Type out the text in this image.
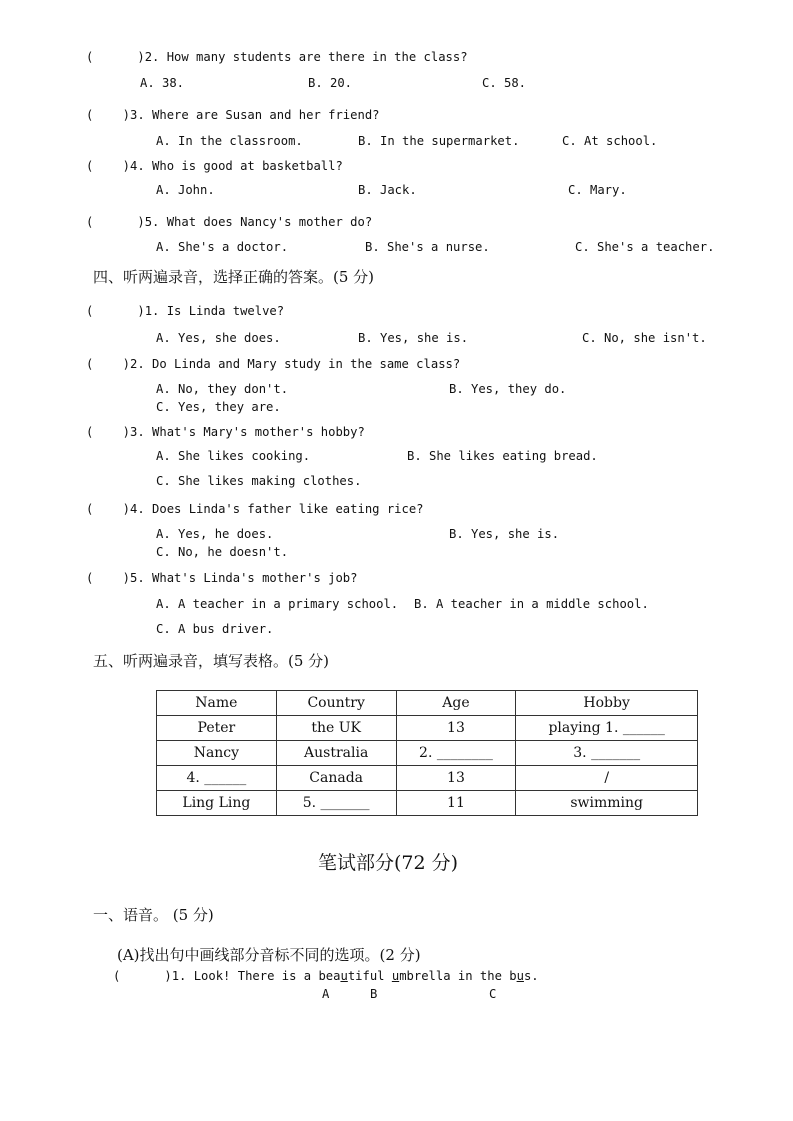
(      )2. How many students are there in the class?
A. 38.	B. 20.	C. 58.
(    )3. Where are Susan and her friend?
A. In the classroom.	B. In the supermarket.	C. At school.
(    )4. Who is good at basketball?
A. John.	B. Jack.	C. Mary.
(      )5. What does Nancy's mother do?
A. She's a doctor.	B. She's a nurse.	C. She's a teacher.
四、听两遍录音，选择正确的答案。(5 分)
(      )1. Is Linda twelve?
A. Yes, she does.	B. Yes, she is.	C. No, she isn't.
(    )2. Do Linda and Mary study in the same class?
A. No, they don't.	B. Yes, they do.
C. Yes, they are.
(    )3. What's Mary's mother's hobby?
A. She likes cooking.	B. She likes eating bread.
C. She likes making clothes.
(    )4. Does Linda's father like eating rice?
A. Yes, he does.	B. Yes, she is.
C. No, he doesn't.
(    )5. What's Linda's mother's job?
A. A teacher in a primary school. B. A teacher in a middle school.
C. A bus driver.
五、听两遍录音，填写表格。(5 分)
Name	Country	Age	Hobby
Peter	the UK	13	playing 1. ______
Nancy	Australia	2. ________	3. _______
4. ______	Canada	13	/
Ling Ling	5. _______	11	swimming
笔试部分(72 分)
一、语音。 (5 分)
(A)找出句中画线部分音标不同的选项。(2 分)
(      )1. Look! There is a beautiful umbrella in the bus.
A	B	C
